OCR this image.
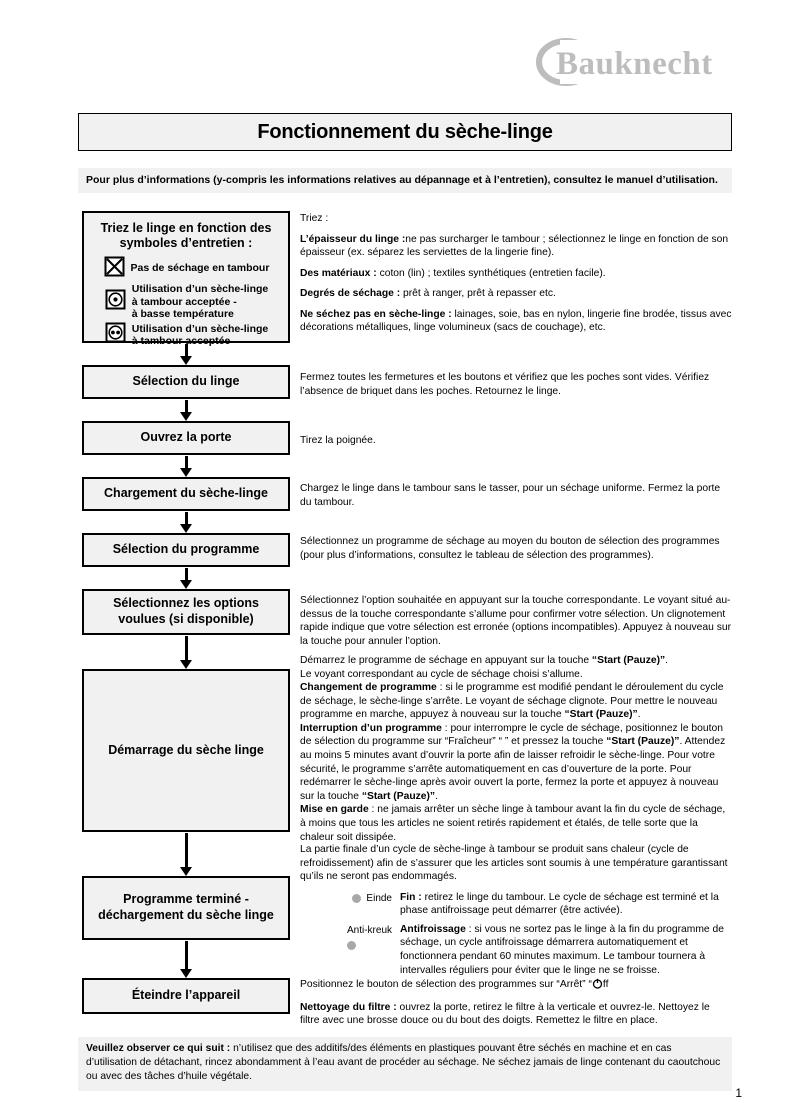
Bauknecht
Fonctionnement du sèche-linge
Pour plus d’informations (y-compris les informations relatives au dépannage et à l’entretien), consultez le manuel d’utilisation.
Triez le linge en fonction des
symboles d’entretien :
Pas de séchage en tambour
Utilisation d’un sèche-linge
à tambour acceptée -
à basse température
Utilisation d’un sèche-linge
à tambour acceptée
Sélection du linge
Ouvrez la porte
Chargement du sèche-linge
Sélection du programme
Sélectionnez les options
voulues (si disponible)
Démarrage du sèche linge
Programme terminé -
déchargement du sèche linge
Éteindre l’appareil

Triez :

L’épaisseur du linge :ne pas surcharger le tambour ; sélectionnez le linge en fonction de son épaisseur (ex. séparez les serviettes de la lingerie fine).

Des matériaux : coton (lin) ; textiles synthétiques (entretien facile).

Degrés de séchage : prêt à ranger, prêt à repasser etc.

Ne séchez pas en sèche-linge : lainages, soie, bas en nylon, lingerie fine brodée, tissus avec décorations métalliques, linge volumineux (sacs de couchage), etc.

Fermez toutes les fermetures et les boutons et vérifiez que les poches sont vides. Vérifiez l’absence de briquet dans les poches. Retournez le linge.

Tirez la poignée.

Chargez le linge dans le tambour sans le tasser, pour un séchage uniforme. Fermez la porte du tambour.

Sélectionnez un programme de séchage au moyen du bouton de sélection des programmes (pour plus d’informations, consultez le tableau de sélection des programmes).

Sélectionnez l’option souhaitée en appuyant sur la touche correspondante. Le voyant situé au-dessus de la touche correspondante s’allume pour confirmer votre sélection. Un clignotement rapide indique que votre sélection est erronée (options incompatibles). Appuyez à nouveau sur la touche pour annuler l’option.

Démarrez le programme de séchage en appuyant sur la touche “Start (Pauze)”.

Le voyant correspondant au cycle de séchage choisi s’allume.

Changement de programme : si le programme est modifié pendant le déroulement du cycle de séchage, le sèche-linge s’arrête. Le voyant de séchage clignote. Pour mettre le nouveau programme en marche, appuyez à nouveau sur la touche “Start (Pauze)”.

Interruption d’un programme : pour interrompre le cycle de séchage, positionnez le bouton de sélection du programme sur “Fraîcheur” “ ” et pressez la touche “Start (Pauze)”. Attendez au moins 5 minutes avant d’ouvrir la porte afin de laisser refroidir le sèche-linge. Pour votre sécurité, le programme s’arrête automatiquement en cas d’ouverture de la porte. Pour redémarrer le sèche-linge après avoir ouvert la porte, fermez la porte et appuyez à nouveau sur la touche “Start (Pauze)”.

Mise en garde : ne jamais arrêter un sèche linge à tambour avant la fin du cycle de séchage, à moins que tous les articles ne soient retirés rapidement et étalés, de telle sorte que la chaleur soit dissipée.

La partie finale d’un cycle de sèche-linge à tambour se produit sans chaleur (cycle de refroidissement) afin de s’assurer que les articles sont soumis à une température garantissant qu’ils ne seront pas endommagés.

Einde Fin : retirez le linge du tambour. Le cycle de séchage est terminé et la phase antifroissage peut démarrer (être activée).
Anti-kreuk Antifroissage : si vous ne sortez pas le linge à la fin du programme de séchage, un cycle antifroissage démarrera automatiquement et fonctionnera pendant 60 minutes maximum. Le tambour tournera à intervalles réguliers pour éviter que le linge ne se froisse.

Positionnez le bouton de sélection des programmes sur “Arrêt” “ ff

Nettoyage du filtre : ouvrez la porte, retirez le filtre à la verticale et ouvrez-le. Nettoyez le filtre avec une brosse douce ou du bout des doigts. Remettez le filtre en place.

Veuillez observer ce qui suit : n’utilisez que des additifs/des éléments en plastiques pouvant être séchés en machine et en cas d’utilisation de détachant, rincez abondamment à l’eau avant de procéder au séchage. Ne séchez jamais de linge contenant du caoutchouc ou avec des tâches d’huile végétale.
1
